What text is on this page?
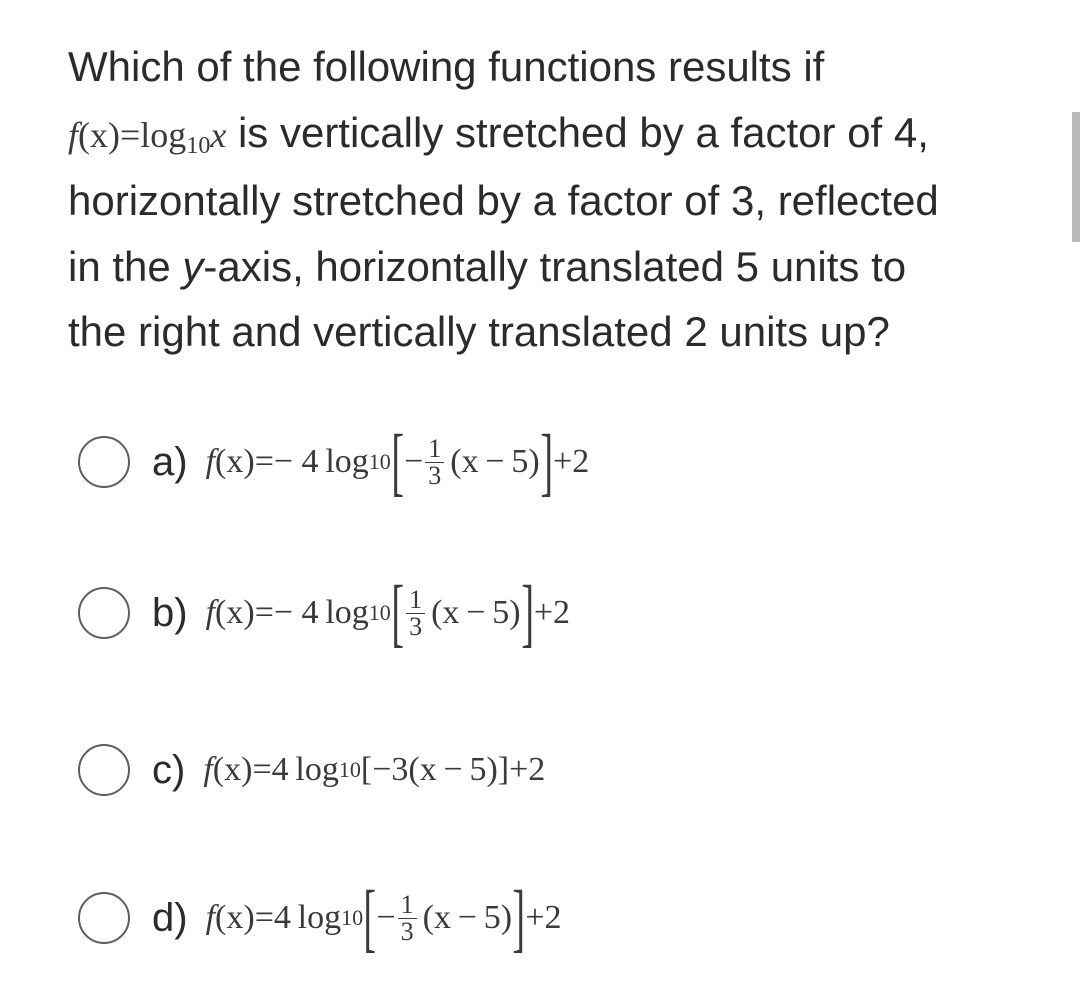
Which of the following functions results if
$f(x)=\log_{10}x$ is vertically stretched by a factor of 4,
horizontally stretched by a factor of 3, reflected
in the y-axis, horizontally translated 5 units to
the right and vertically translated 2 units up?
a) f (x) =− 4 log 10 [ − $\frac{1}{3} (x - 5)$ ] +2
b) f (x) =− 4 log 10 [ $\frac{1}{3} (x - 5)$ ] +2
c) f (x) =4 log 10 [−3(x − 5)]+2
d) f (x) =4 log 10 [ − $\frac{1}{3} (x - 5)$ ] +2
